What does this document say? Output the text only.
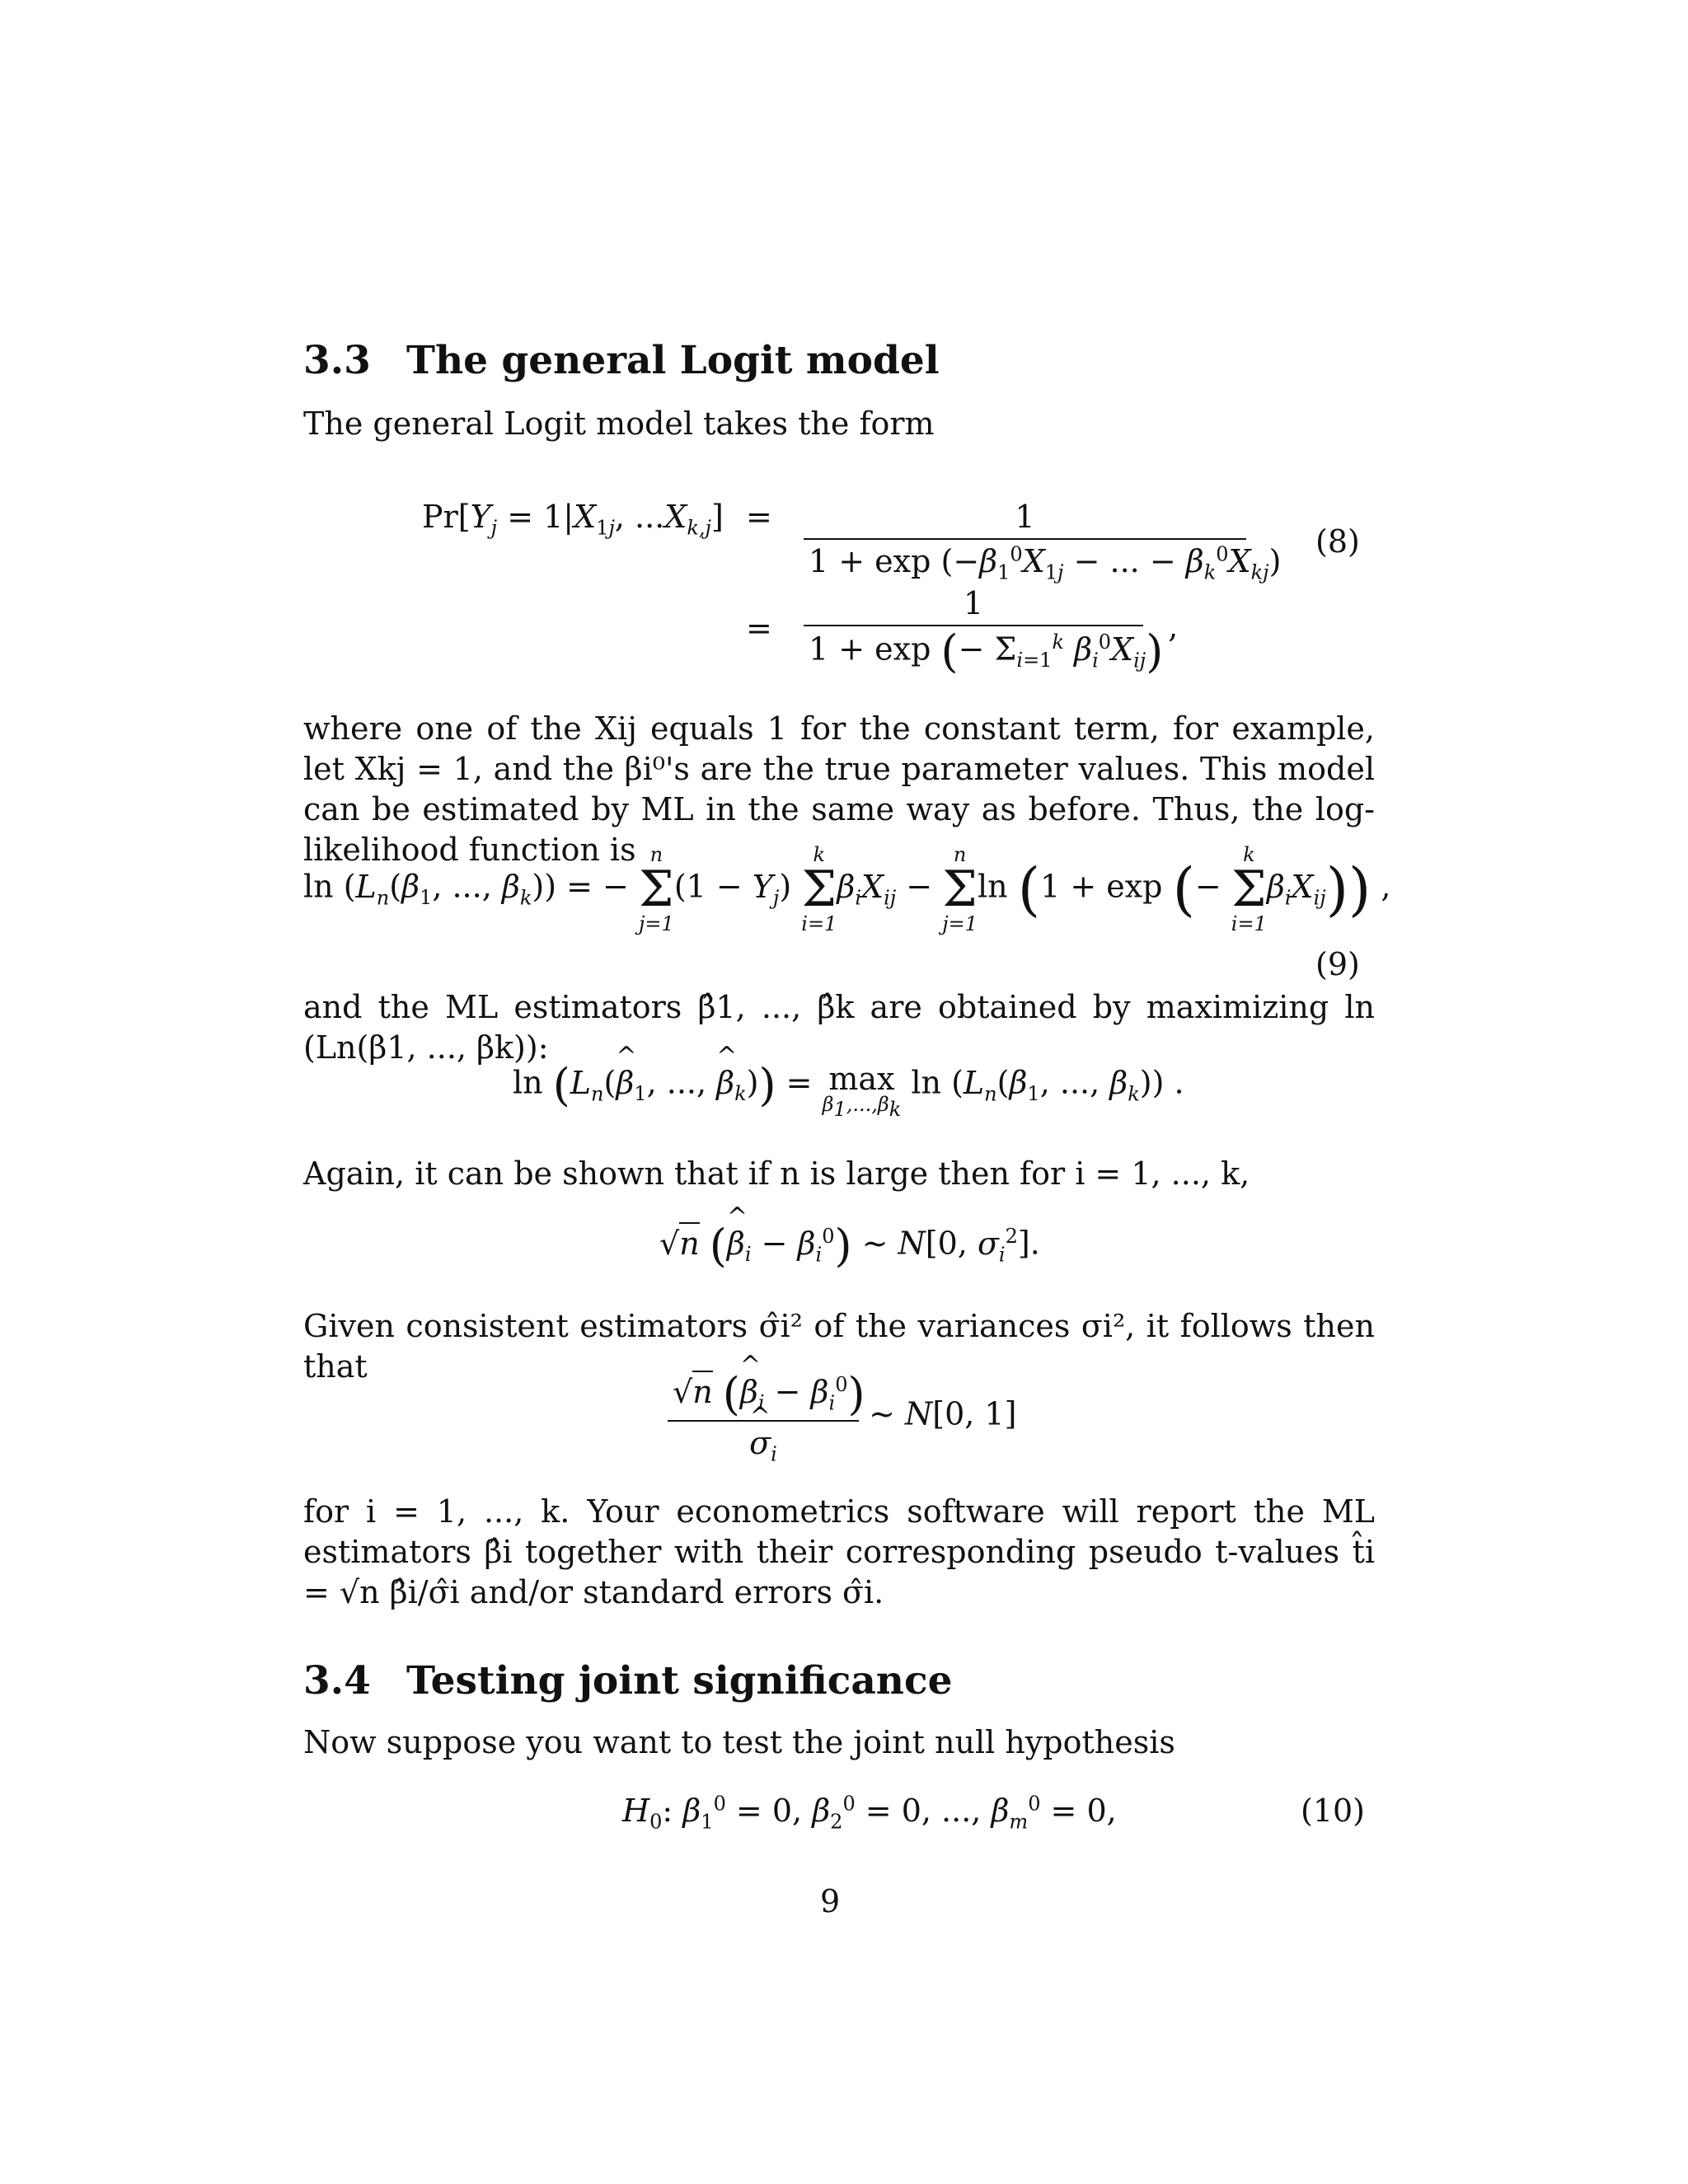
3.3 The general Logit model
The general Logit model takes the form
$Pr[Y_j = 1|X_{1j}$, $...X_{k,j}] = \frac{1}{1 + \exp (-\beta_1^0X_{1j} - ... - \beta_k^0X_{kj})} (8)$
= $\frac{1}{1 + \exp (- \Sigma_{i=1}^k \beta_i^0X_{ij})}$ ,
where one of the Xij equals 1 for the constant term, for example, let Xkj = 1, and the βi⁰'s are the true parameter values. This model can be estimated by ML in the same way as before. Thus, the log-likelihood function is
$\ln (L_n(\beta_1$, ..., $\beta_k$)) = −
n
Σ
j=1
$(1 - Y_j)$
k
Σ
i=1
$\beta_iX_{ij}$ −
n
Σ
j=1
ln (1 + exp (−
k
Σ
i=1
$\beta_iX_{ij}$)) ,
(9)
and the ML estimators β̂1, ..., β̂k are obtained by maximizing ln (Ln(β1, ..., βk)):
$\ln (L_n(\^{}$ $\beta_1$, ..., ^ $\beta_k)) = \max$
$\beta_1,...,\beta_k$
$\ln (L_n(\beta_1$, ..., $\beta_k$)) .
Again, it can be shown that if n is large then for i = 1, ..., k,
√n (^ $\beta_i - \beta_i^0$) ∼ N[0, $\sigma_i^2$].
Given consistent estimators σ̂i² of the variances σi², it follows then that
√n (^ $\beta_i - \beta_i^0$)
^ $\sigma_i$ ∼ N[0, 1]
for i = 1, ..., k. Your econometrics software will report the ML estimators β̂i together with their corresponding pseudo t-values t̂i = √n β̂i/σ̂i and/or standard errors σ̂i.
3.4 Testing joint significance
Now suppose you want to test the joint null hypothesis
$H_0$: $\beta_1^0 = 0$, $\beta_2^0 = 0$, ..., $\beta_m^0 = 0$,	(10)
9
